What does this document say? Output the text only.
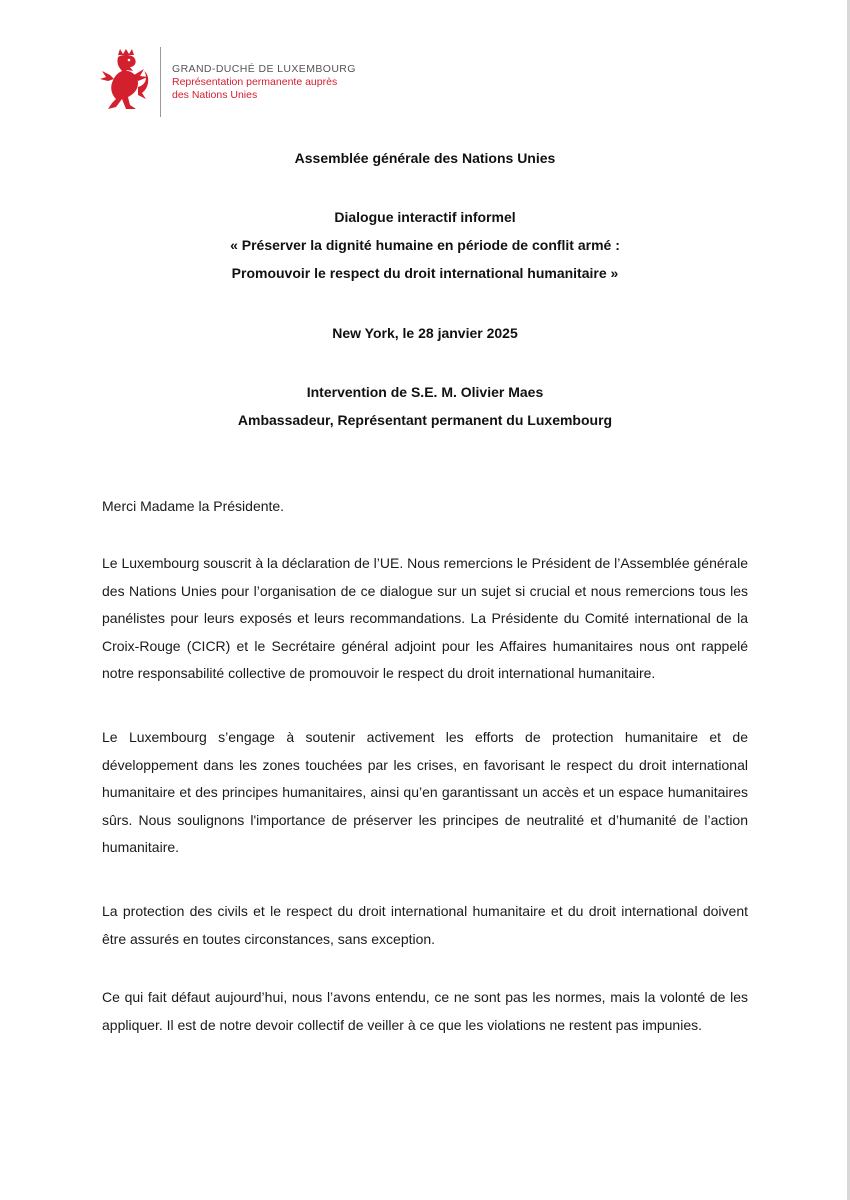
GRAND-DUCHÉ DE LUXEMBOURG
Représentation permanente auprès
des Nations Unies
Assemblée générale des Nations Unies
Dialogue interactif informel
« Préserver la dignité humaine en période de conflit armé :
Promouvoir le respect du droit international humanitaire »
New York, le 28 janvier 2025
Intervention de S.E. M. Olivier Maes
Ambassadeur, Représentant permanent du Luxembourg
Merci Madame la Présidente.
Le Luxembourg souscrit à la déclaration de l’UE. Nous remercions le Président de l’Assemblée générale des Nations Unies pour l’organisation de ce dialogue sur un sujet si crucial et nous remercions tous les panélistes pour leurs exposés et leurs recommandations. La Présidente du Comité international de la Croix-Rouge (CICR) et le Secrétaire général adjoint pour les Affaires humanitaires nous ont rappelé notre responsabilité collective de promouvoir le respect du droit international humanitaire.
Le Luxembourg s’engage à soutenir activement les efforts de protection humanitaire et de développement dans les zones touchées par les crises, en favorisant le respect du droit international humanitaire et des principes humanitaires, ainsi qu’en garantissant un accès et un espace humanitaires sûrs. Nous soulignons l'importance de préserver les principes de neutralité et d’humanité de l’action humanitaire.
La protection des civils et le respect du droit international humanitaire et du droit international doivent être assurés en toutes circonstances, sans exception.
Ce qui fait défaut aujourd’hui, nous l’avons entendu, ce ne sont pas les normes, mais la volonté de les appliquer. Il est de notre devoir collectif de veiller à ce que les violations ne restent pas impunies.
